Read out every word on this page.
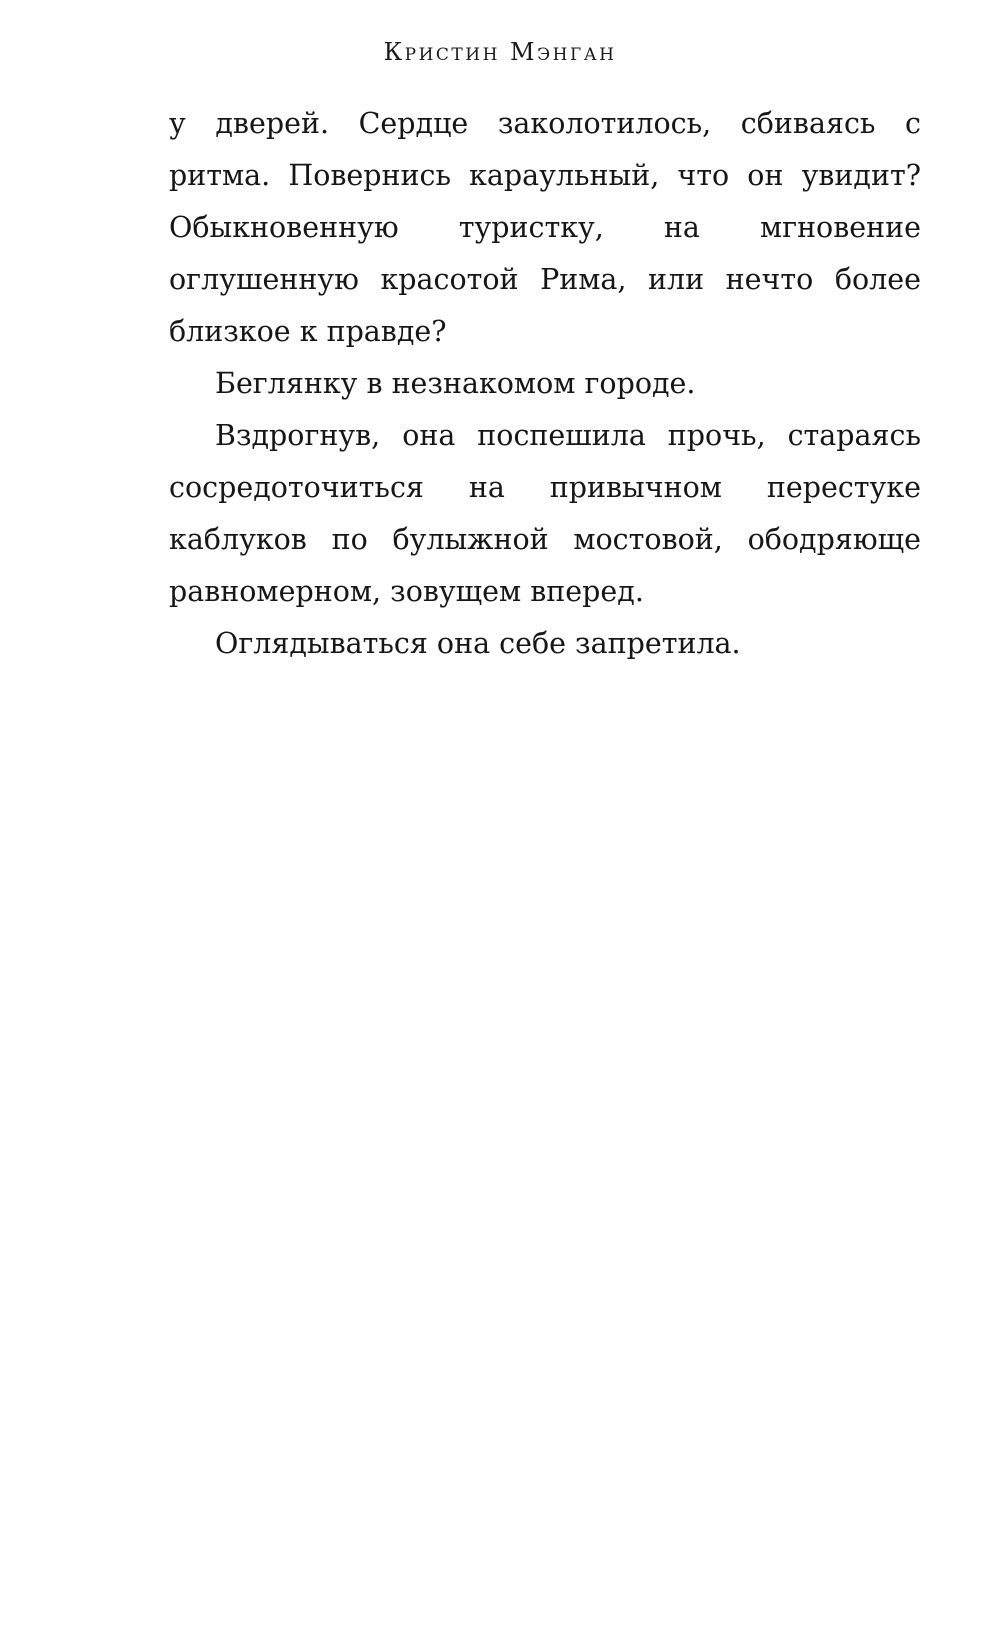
Кристин Мэнган

у дверей. Сердце заколотилось, сбиваясь с ритма. Повернись караульный, что он увидит? Обыкновенную туристку, на мгновение оглушенную красотой Рима, или нечто более близкое к правде?

Беглянку в незнакомом городе.

Вздрогнув, она поспешила прочь, стараясь сосредоточиться на привычном перестуке каблуков по булыжной мостовой, ободряюще равномерном, зовущем вперед.

Оглядываться она себе запретила.
